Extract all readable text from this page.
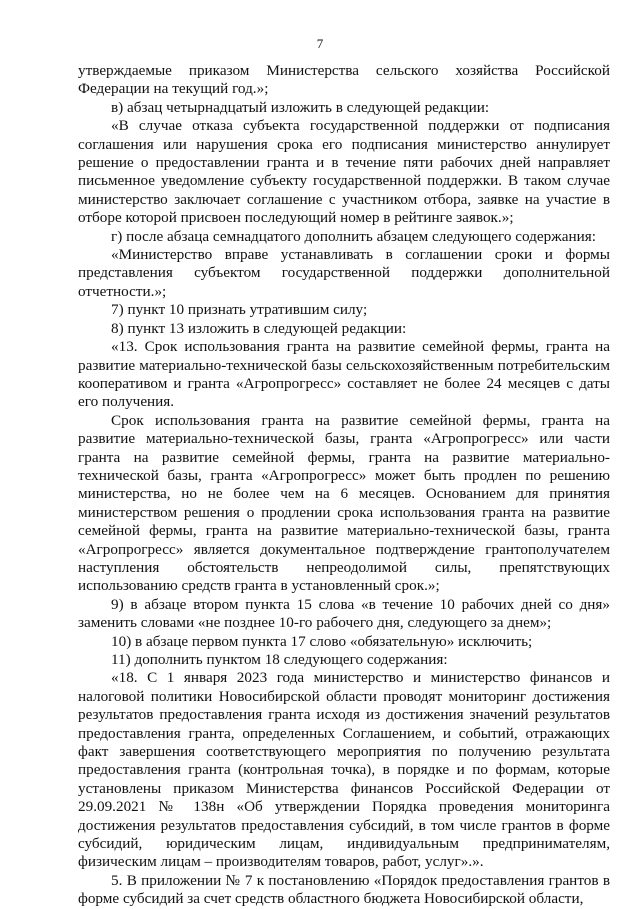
7

утверждаемые приказом Министерства сельского хозяйства Российской Федерации на текущий год.»;

в) абзац четырнадцатый изложить в следующей редакции:

«В случае отказа субъекта государственной поддержки от подписания соглашения или нарушения срока его подписания министерство аннулирует решение о предоставлении гранта и в течение пяти рабочих дней направляет письменное уведомление субъекту государственной поддержки. В таком случае министерство заключает соглашение с участником отбора, заявке на участие в отборе которой присвоен последующий номер в рейтинге заявок.»;

г) после абзаца семнадцатого дополнить абзацем следующего содержания:

«Министерство вправе устанавливать в соглашении сроки и формы представления субъектом государственной поддержки дополнительной отчетности.»;

7) пункт 10 признать утратившим силу;

8) пункт 13 изложить в следующей редакции:

«13. Срок использования гранта на развитие семейной фермы, гранта на развитие материально-технической базы сельскохозяйственным потребительским кооперативом и гранта «Агропрогресс» составляет не более 24 месяцев с даты его получения.

Срок использования гранта на развитие семейной фермы, гранта на развитие материально-технической базы, гранта «Агропрогресс» или части гранта на развитие семейной фермы, гранта на развитие материально-технической базы, гранта «Агропрогресс» может быть продлен по решению министерства, но не более чем на 6 месяцев. Основанием для принятия министерством решения о продлении срока использования гранта на развитие семейной фермы, гранта на развитие материально-технической базы, гранта «Агропрогресс» является документальное подтверждение грантополучателем наступления обстоятельств непреодолимой силы, препятствующих использованию средств гранта в установленный срок.»;

9) в абзаце втором пункта 15 слова «в течение 10 рабочих дней со дня» заменить словами «не позднее 10-го рабочего дня, следующего за днем»;

10) в абзаце первом пункта 17 слово «обязательную» исключить;

11) дополнить пунктом 18 следующего содержания:

«18. С 1 января 2023 года министерство и министерство финансов и налоговой политики Новосибирской области проводят мониторинг достижения результатов предоставления гранта исходя из достижения значений результатов предоставления гранта, определенных Соглашением, и событий, отражающих факт завершения соответствующего мероприятия по получению результата предоставления гранта (контрольная точка), в порядке и по формам, которые установлены приказом Министерства финансов Российской Федерации от 29.09.2021 № 138н «Об утверждении Порядка проведения мониторинга достижения результатов предоставления субсидий, в том числе грантов в форме субсидий, юридическим лицам, индивидуальным предпринимателям, физическим лицам – производителям товаров, работ, услуг».».

5. В приложении № 7 к постановлению «Порядок предоставления грантов в форме субсидий за счет средств областного бюджета Новосибирской области,
